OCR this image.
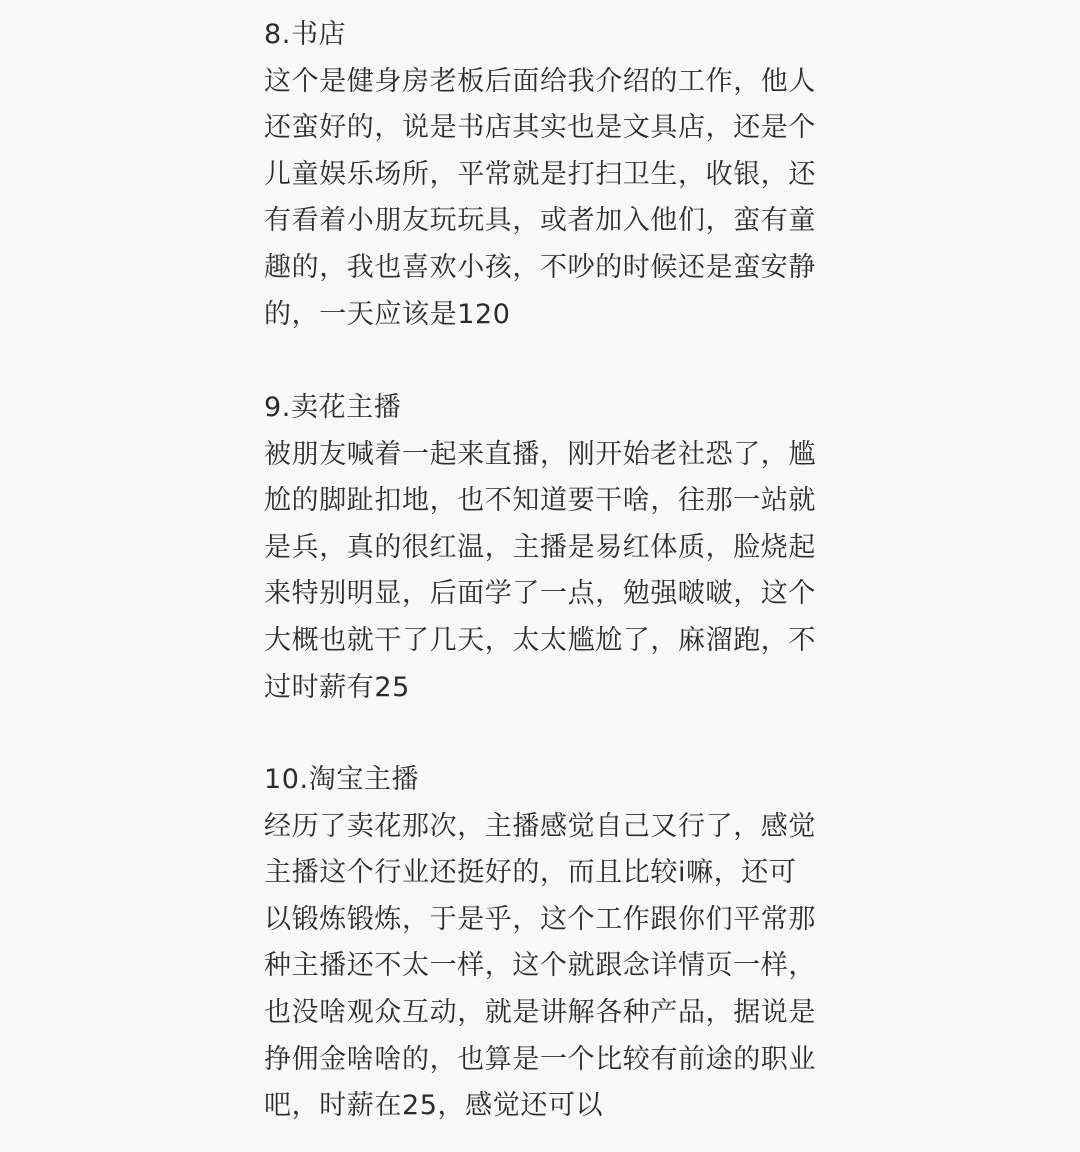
8.书店
这个是健身房老板后面给我介绍的工作，他人
还蛮好的，说是书店其实也是文具店，还是个
儿童娱乐场所，平常就是打扫卫生，收银，还
有看着小朋友玩玩具，或者加入他们，蛮有童
趣的，我也喜欢小孩，不吵的时候还是蛮安静
的，一天应该是120
9.卖花主播
被朋友喊着一起来直播，刚开始老社恐了，尴
尬的脚趾扣地，也不知道要干啥，往那一站就
是兵，真的很红温，主播是易红体质，脸烧起
来特别明显，后面学了一点，勉强啵啵，这个
大概也就干了几天，太太尴尬了，麻溜跑，不
过时薪有25
10.淘宝主播
经历了卖花那次，主播感觉自己又行了，感觉
主播这个行业还挺好的，而且比较i嘛，还可
以锻炼锻炼，于是乎，这个工作跟你们平常那
种主播还不太一样，这个就跟念详情页一样，
也没啥观众互动，就是讲解各种产品，据说是
挣佣金啥啥的，也算是一个比较有前途的职业
吧，时薪在25，感觉还可以
